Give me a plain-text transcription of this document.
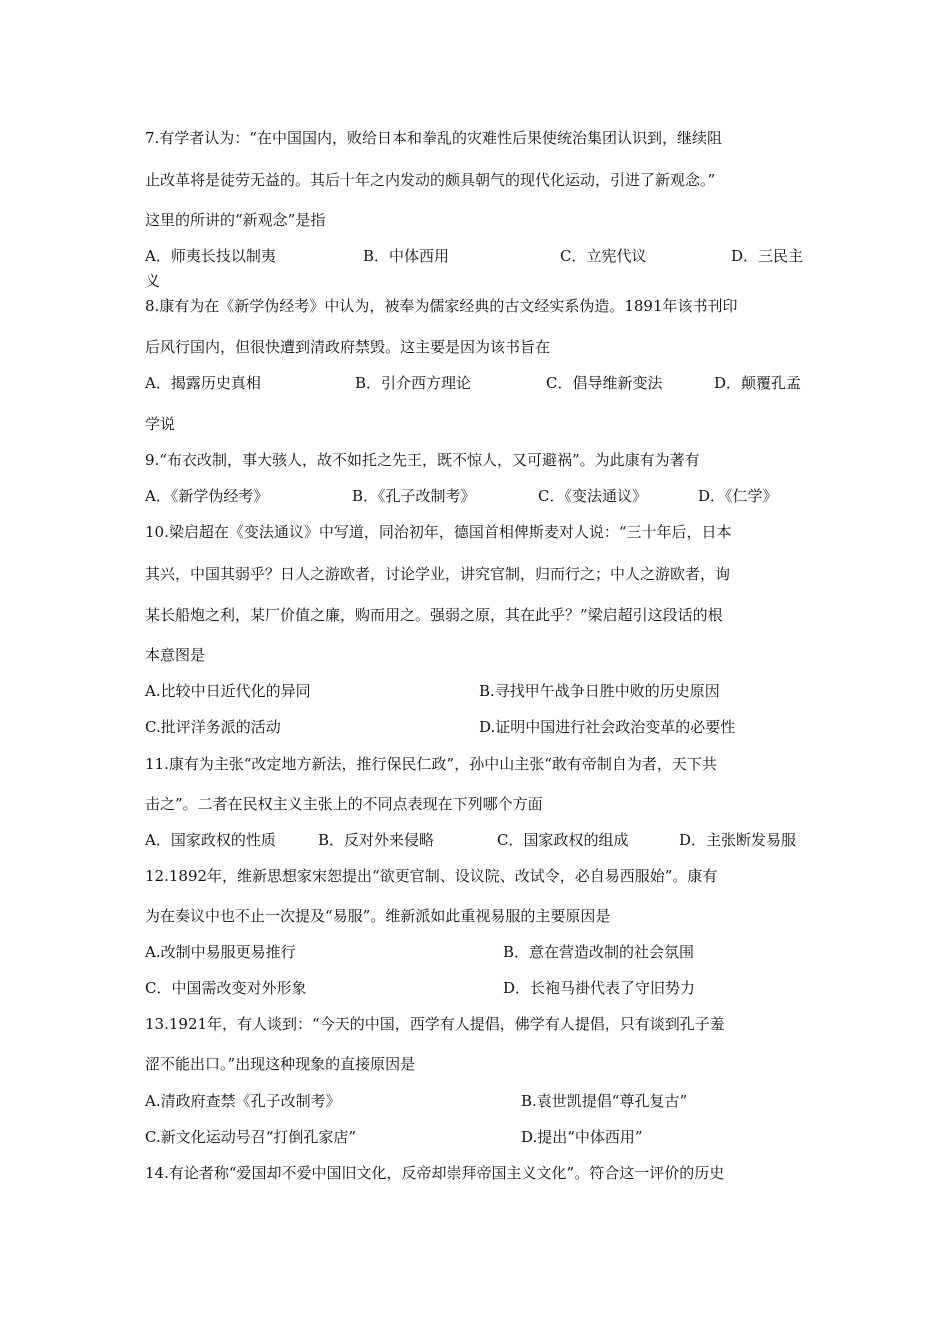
7.有学者认为：“在中国国内，败给日本和拳乱的灾难性后果使统治集团认识到，继续阻
止改革将是徒劳无益的。其后十年之内发动的颇具朝气的现代化运动，引进了新观念。”
这里的所讲的“新观念”是指
A．师夷长技以制夷	B．中体西用	C．立宪代议	D．三民主
义
8.康有为在《新学伪经考》中认为，被奉为儒家经典的古文经实系伪造。1891年该书刊印
后风行国内，但很快遭到清政府禁毁。这主要是因为该书旨在
A．揭露历史真相	B．引介西方理论	C．倡导维新变法	D．颠覆孔孟
学说
9.“布衣改制，事大骇人，故不如托之先王，既不惊人，又可避祸”。为此康有为著有
A．《新学伪经考》	B．《孔子改制考》	C．《变法通议》	D．《仁学》
10.梁启超在《变法通议》中写道，同治初年，德国首相俾斯麦对人说：“三十年后，日本
其兴，中国其弱乎？日人之游欧者，讨论学业，讲究官制，归而行之；中人之游欧者，询
某长船炮之利，某厂价值之廉，购而用之。强弱之原，其在此乎？”梁启超引这段话的根
本意图是
A.比较中日近代化的异同	B.寻找甲午战争日胜中败的历史原因
C.批评洋务派的活动	D.证明中国进行社会政治变革的必要性
11.康有为主张“改定地方新法，推行保民仁政”，孙中山主张“敢有帝制自为者，天下共
击之”。二者在民权主义主张上的不同点表现在下列哪个方面
A．国家政权的性质	B．反对外来侵略	C．国家政权的组成	D．主张断发易服
12.1892年，维新思想家宋恕提出“欲更官制、设议院、改试令，必自易西服始”。康有
为在奏议中也不止一次提及“易服”。维新派如此重视易服的主要原因是
A.改制中易服更易推行	B．意在营造改制的社会氛围
C．中国需改变对外形象	D．长袍马褂代表了守旧势力
13.1921年，有人谈到：“今天的中国，西学有人提倡，佛学有人提倡，只有谈到孔子羞
涩不能出口。”出现这种现象的直接原因是
A.清政府查禁《孔子改制考》	B.袁世凯提倡“尊孔复古”
C.新文化运动号召“打倒孔家店”	D.提出“中体西用”
14.有论者称“爱国却不爱中国旧文化，反帝却崇拜帝国主义文化”。符合这一评价的历史
